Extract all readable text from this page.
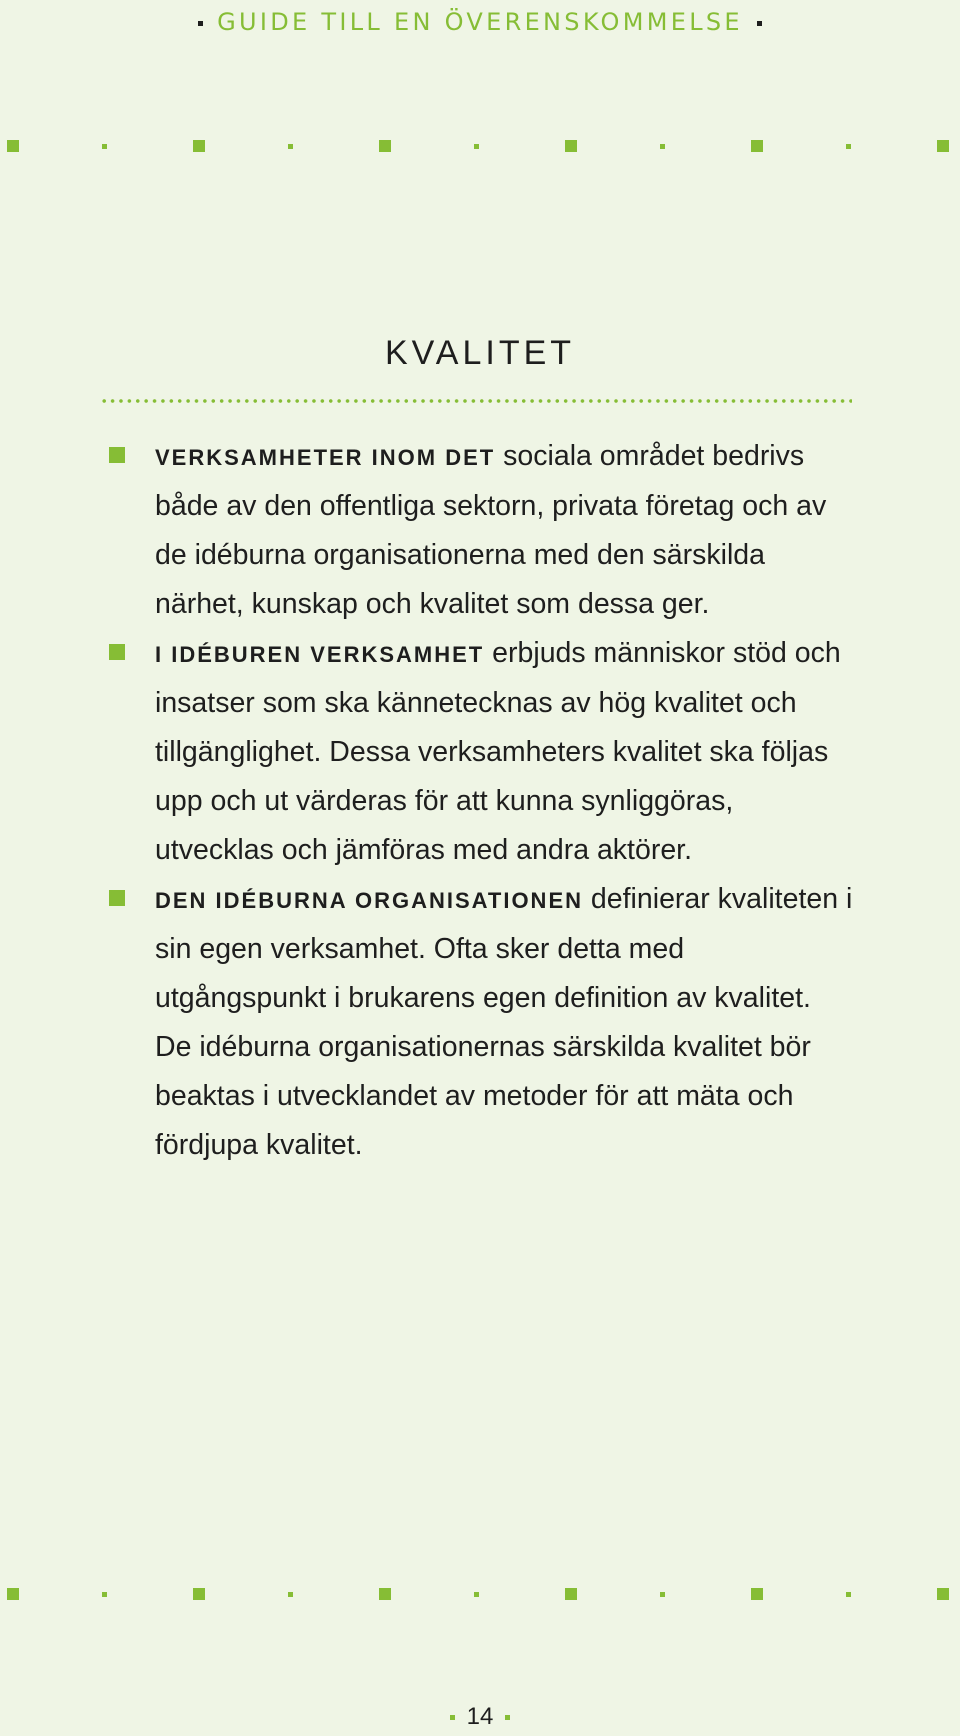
GUIDE TILL EN ÖVERENSKOMMELSE
KVALITET
VERKSAMHETER INOM DET sociala området bedrivs både av den offentliga sektorn, privata företag och av de idéburna organisationerna med den särskilda närhet, kunskap och kvalitet som dessa ger.
I IDÉBUREN VERKSAMHET erbjuds människor stöd och insatser som ska kännetecknas av hög kvalitet och tillgänglighet. Dessa verksamheters kvalitet ska följas upp och ut värderas för att kunna synliggöras, utvecklas och jämföras med andra aktörer.
DEN IDÉBURNA ORGANISATIONEN definierar kvaliteten i sin egen verksamhet. Ofta sker detta med utgångspunkt i brukarens egen definition av kvalitet. De idéburna organisationernas särskilda kvalitet bör beaktas i utvecklandet av metoder för att mäta och fördjupa kvalitet.
14
